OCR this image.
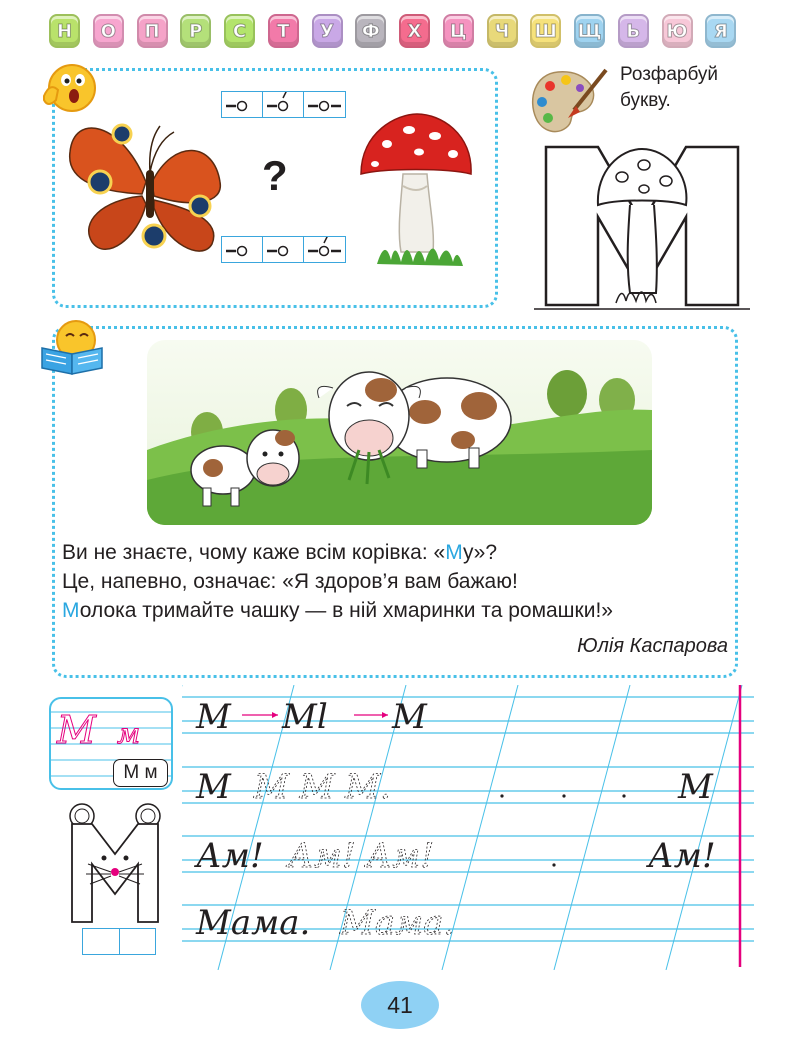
Н	О	П	Р	С	Т	У	Ф	Х	Ц	Ч	Ш Щ	Ь	Ю	Я
?
Розфарбуй
букву.
Ви не знаєте, чому каже всім корівка: «Му»?
Це, напевно, означає: «Я здоров’я вам бажаю!
Молока тримайте чашку — в ній хмаринки та ромашки!»
Юлія Каспарова
М м
М м
М Мl М
М М М М.	М
Ам! Ам! Ам!	Ам!
Мама. Мама.
41
